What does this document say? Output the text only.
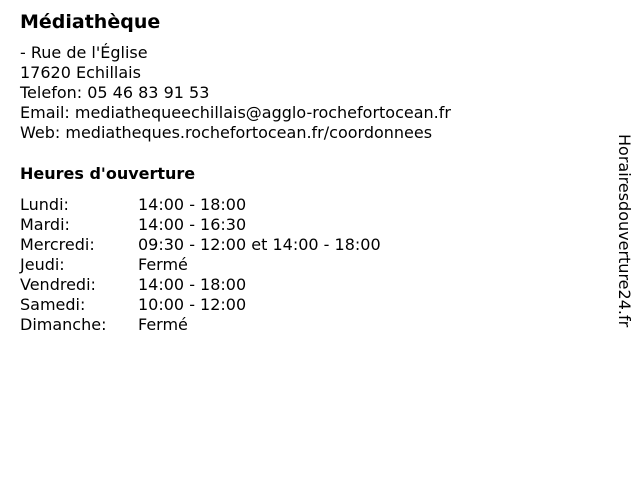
Médiathèque
- Rue de l'Église
17620 Echillais
Telefon: 05 46 83 91 53
Email: mediathequeechillais@agglo-rochefortocean.fr
Web: mediatheques.rochefortocean.fr/coordonnees
Heures d'ouverture
Lundi:	14:00 - 18:00
Mardi:	14:00 - 16:30
Mercredi:	09:30 - 12:00 et 14:00 - 18:00
Jeudi:	Fermé
Vendredi:	14:00 - 18:00
Samedi:	10:00 - 12:00
Dimanche:	Fermé	Horairesdouverture24.fr
